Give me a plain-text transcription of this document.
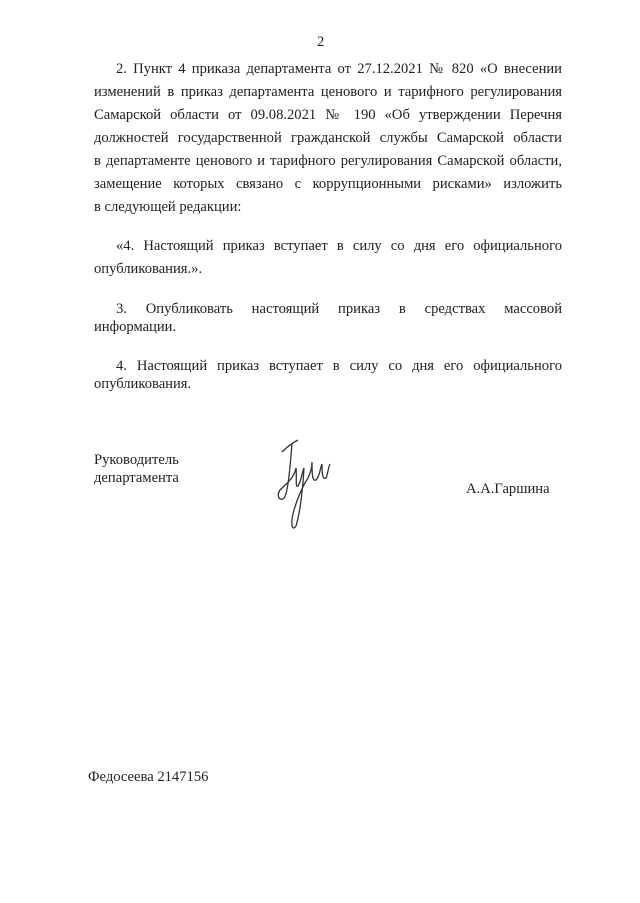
2
2. Пункт 4 приказа департамента от 27.12.2021 № 820 «О внесении
изменений в приказ департамента ценового и тарифного регулирования
Самарской области от 09.08.2021 № 190 «Об утверждении Перечня
должностей государственной гражданской службы Самарской области
в департаменте ценового и тарифного регулирования Самарской области,
замещение которых связано с коррупционными рисками» изложить
в следующей редакции:
«4. Настоящий приказ вступает в силу со дня его официального
опубликования.».
3. Опубликовать настоящий приказ в средствах массовой
информации.
4. Настоящий приказ вступает в силу со дня его официального
опубликования.
Руководитель
департамента
А.А.Гаршина
Федосеева 2147156
